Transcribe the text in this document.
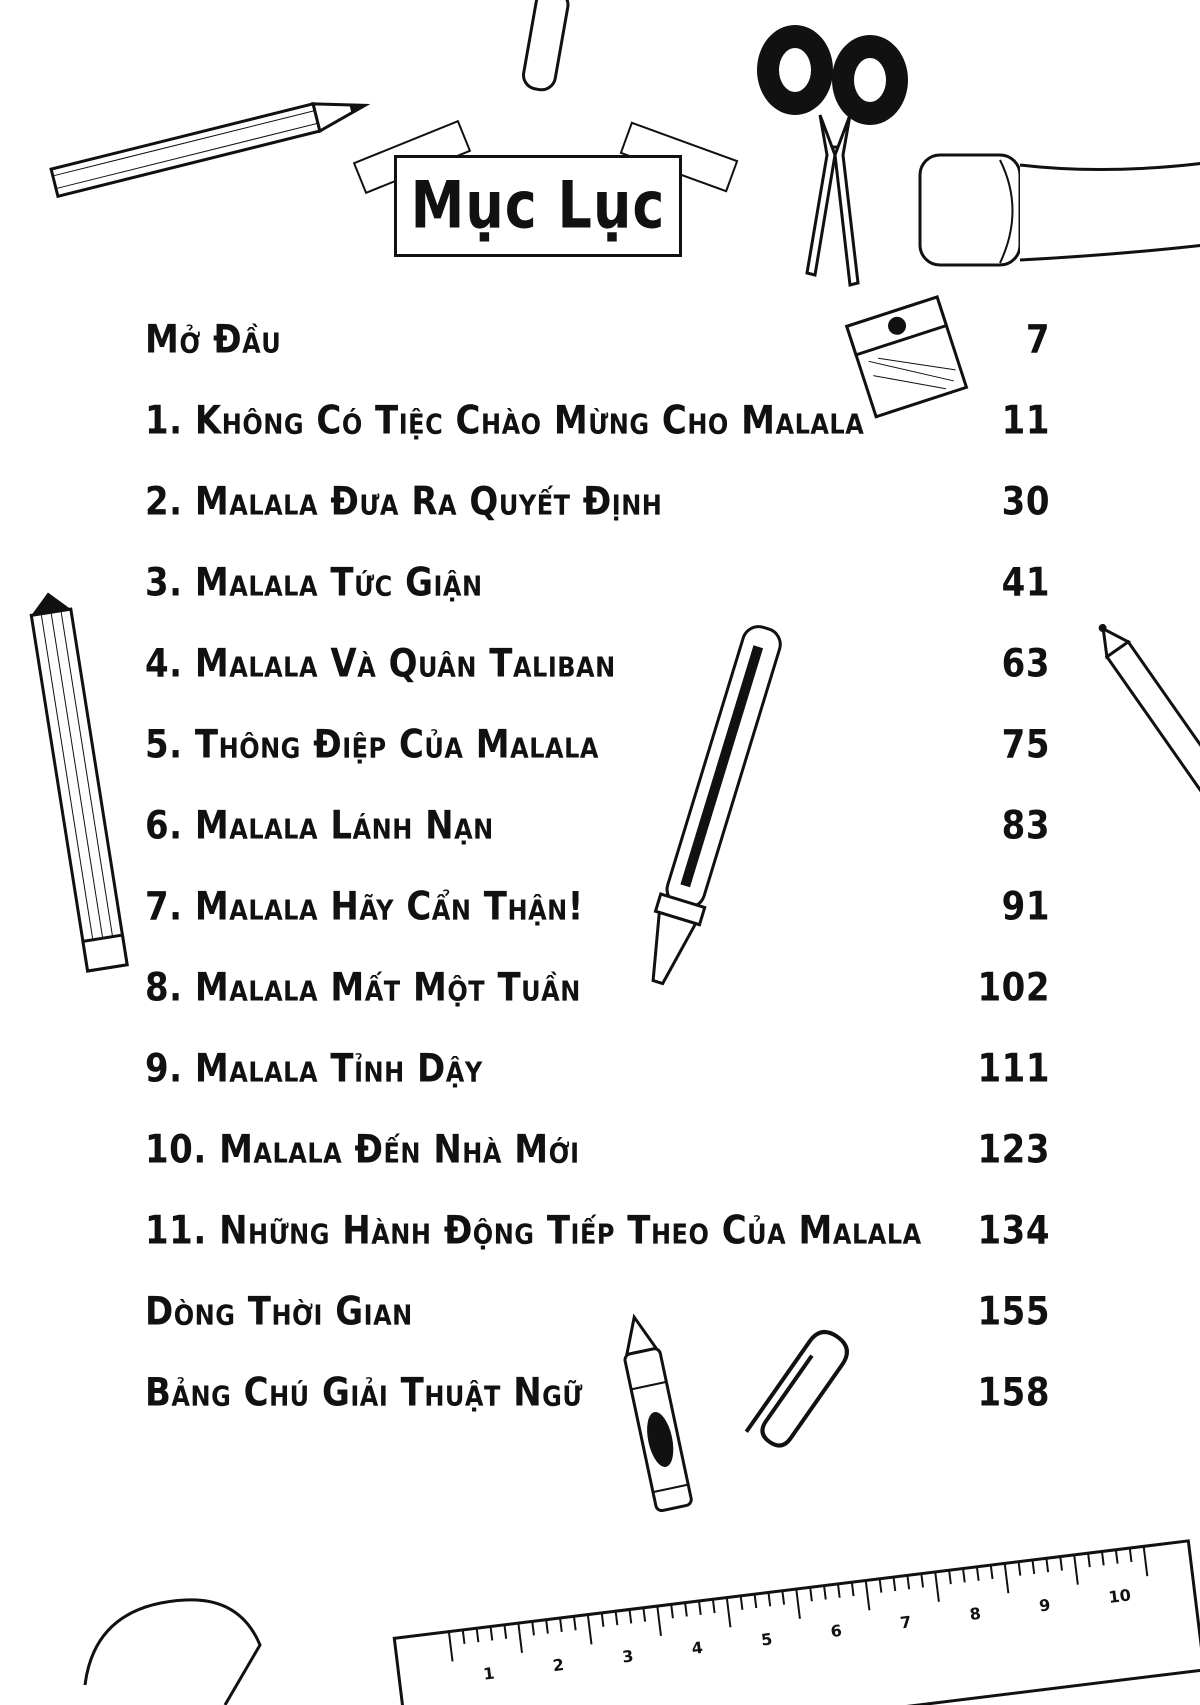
Mục Lục
1	2	3	4	5	6	7	8	9	10
Mở Đầu	7
1. Không Có Tiệc Chào Mừng Cho Malala	11
2. Malala Đưa Ra Quyết Định	30
3. Malala Tức Giận	41
4. Malala Và Quân Taliban	63
5. Thông Điệp Của Malala	75
6. Malala Lánh Nạn	83
7. Malala Hãy Cẩn Thận!	91
8. Malala Mất Một Tuần	102
9. Malala Tỉnh Dậy	111
10. Malala Đến Nhà Mới	123
11. Những Hành Động Tiếp Theo Của Malala 134
Dòng Thời Gian	155
Bảng Chú Giải Thuật Ngữ	158
